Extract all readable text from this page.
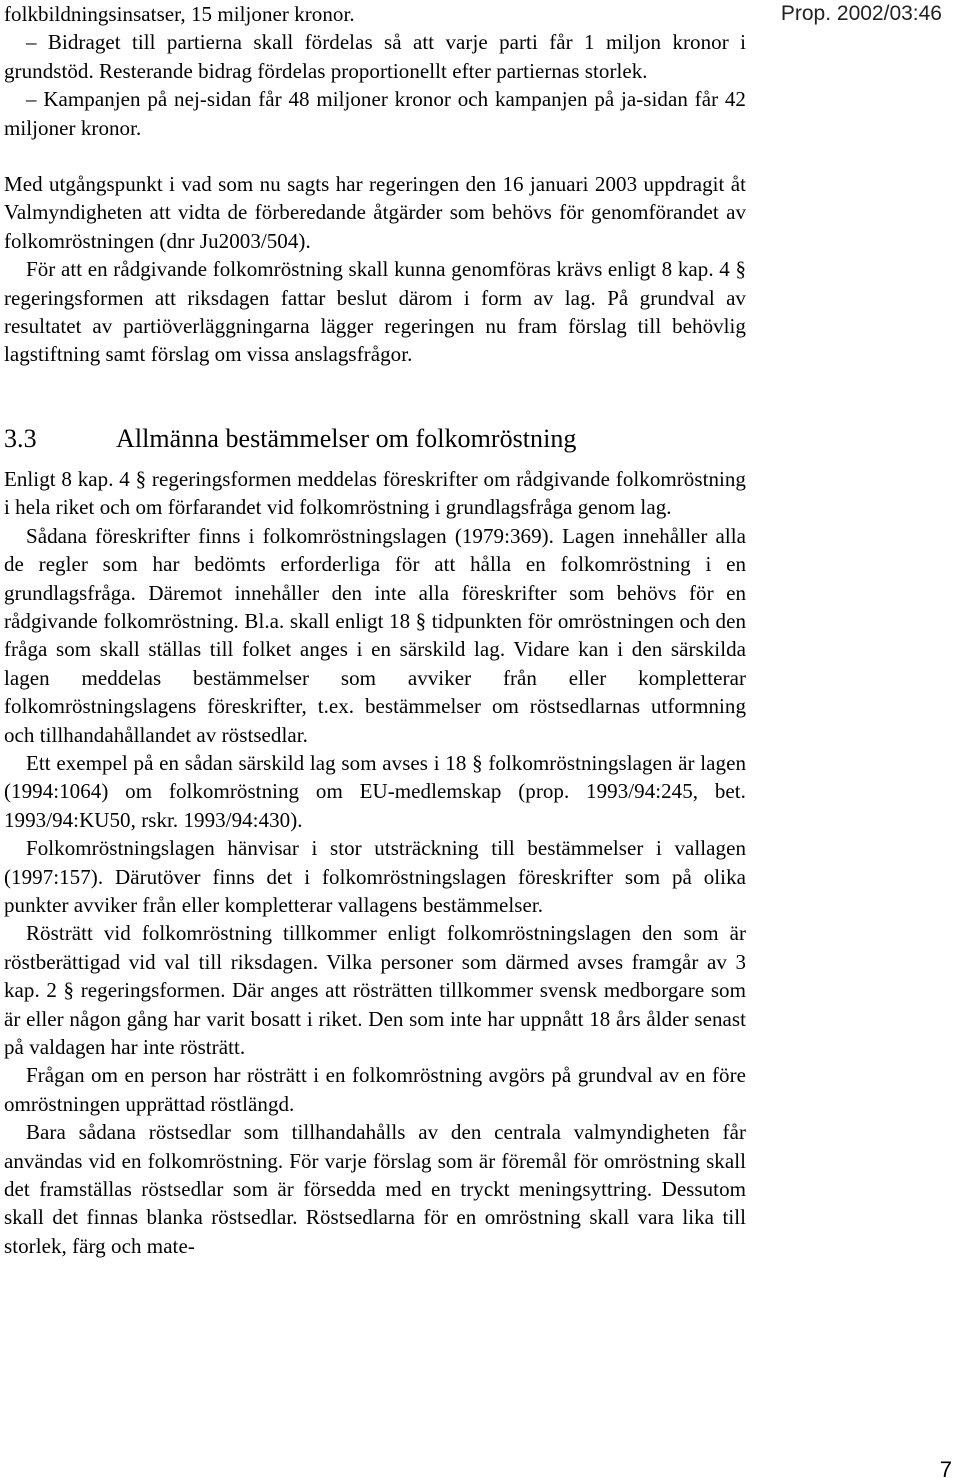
Prop. 2002/03:46

folkbildningsinsatser, 15 miljoner kronor.

– Bidraget till partierna skall fördelas så att varje parti får 1 miljon kronor i grundstöd. Resterande bidrag fördelas proportionellt efter partiernas storlek.

– Kampanjen på nej-sidan får 48 miljoner kronor och kampanjen på ja-sidan får 42 miljoner kronor.

Med utgångspunkt i vad som nu sagts har regeringen den 16 januari 2003 uppdragit åt Valmyndigheten att vidta de förberedande åtgärder som behövs för genomförandet av folkomröstningen (dnr Ju2003/504).

För att en rådgivande folkomröstning skall kunna genomföras krävs enligt 8 kap. 4 § regeringsformen att riksdagen fattar beslut därom i form av lag. På grundval av resultatet av partiöverläggningarna lägger regeringen nu fram förslag till behövlig lagstiftning samt förslag om vissa anslagsfrågor.

3.3	Allmänna bestämmelser om folkomröstning

Enligt 8 kap. 4 § regeringsformen meddelas föreskrifter om rådgivande folkomröstning i hela riket och om förfarandet vid folkomröstning i grundlagsfråga genom lag.

Sådana föreskrifter finns i folkomröstningslagen (1979:369). Lagen innehåller alla de regler som har bedömts erforderliga för att hålla en folkomröstning i en grundlagsfråga. Däremot innehåller den inte alla föreskrifter som behövs för en rådgivande folkomröstning. Bl.a. skall enligt 18 § tidpunkten för omröstningen och den fråga som skall ställas till folket anges i en särskild lag. Vidare kan i den särskilda lagen meddelas bestämmelser som avviker från eller kompletterar folkomröstningslagens föreskrifter, t.ex. bestämmelser om röstsedlarnas utformning och tillhandahållandet av röstsedlar.

Ett exempel på en sådan särskild lag som avses i 18 § folkomröstningslagen är lagen (1994:1064) om folkomröstning om EU-medlemskap (prop. 1993/94:245, bet. 1993/94:KU50, rskr. 1993/94:430).

Folkomröstningslagen hänvisar i stor utsträckning till bestämmelser i vallagen (1997:157). Därutöver finns det i folkomröstningslagen föreskrifter som på olika punkter avviker från eller kompletterar vallagens bestämmelser.

Rösträtt vid folkomröstning tillkommer enligt folkomröstningslagen den som är röstberättigad vid val till riksdagen. Vilka personer som därmed avses framgår av 3 kap. 2 § regeringsformen. Där anges att rösträtten tillkommer svensk medborgare som är eller någon gång har varit bosatt i riket. Den som inte har uppnått 18 års ålder senast på valdagen har inte rösträtt.

Frågan om en person har rösträtt i en folkomröstning avgörs på grundval av en före omröstningen upprättad röstlängd.

Bara sådana röstsedlar som tillhandahålls av den centrala valmyndigheten får användas vid en folkomröstning. För varje förslag som är föremål för omröstning skall det framställas röstsedlar som är försedda med en tryckt meningsyttring. Dessutom skall det finnas blanka röstsedlar. Röstsedlarna för en omröstning skall vara lika till storlek, färg och mate-

7
